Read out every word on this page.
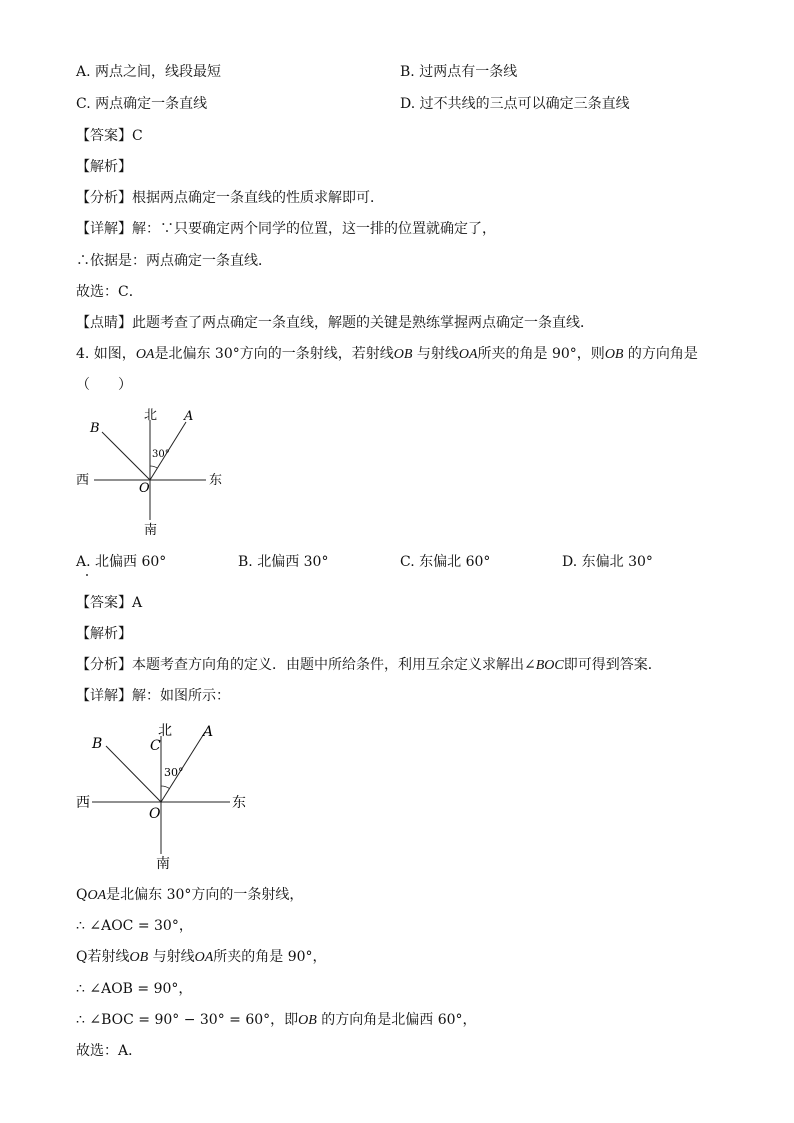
A. 两点之间，线段最短	B. 过两点有一条线
C. 两点确定一条直线	D. 过不共线的三点可以确定三条直线
【答案】C
【解析】
【分析】根据两点确定一条直线的性质求解即可．
【详解】解：∵只要确定两个同学的位置，这一排的位置就确定了，
∴依据是：两点确定一条直线．
故选：C．
【点睛】此题考查了两点确定一条直线，解题的关键是熟练掌握两点确定一条直线．
4. 如图，OA是北偏东 30°方向的一条射线，若射线OB 与射线OA所夹的角是 90°，则OB 的方向角是
（　　）
北
南
西	东
A
B
O
30°
A. 北偏西 60°	B. 北偏西 30°	C. 东偏北 60°	D. 东偏北 30°
【答案】A
【解析】
【分析】本题考查方向角的定义．由题中所给条件，利用互余定义求解出∠BOC即可得到答案．
【详解】解：如图所示：
北
南
西	东
A
B	C
O
30°
QOA是北偏东 30°方向的一条射线，
∴ ∠AOC = 30°，
Q若射线OB 与射线OA所夹的角是 90°，
∴ ∠AOB = 90°，
∴ ∠BOC = 90° − 30° = 60°，即OB 的方向角是北偏西 60°，
故选：A．
